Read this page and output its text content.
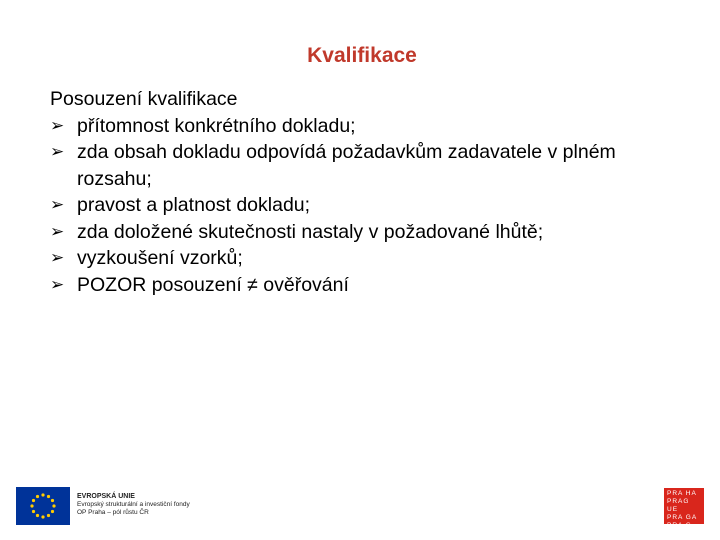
Kvalifikace

Posouzení kvalifikace

➢ přítomnost konkrétního dokladu;
➢ zda obsah dokladu odpovídá požadavkům zadavatele v plném rozsahu;
➢ pravost a platnost dokladu;
➢ zda doložené skutečnosti nastaly v požadované lhůtě;
➢ vyzkoušení vzorků;
➢ POZOR posouzení ≠ ověřování
EVROPSKÁ UNIE
Evropský strukturální a investiční fondy
OP Praha – pól růstu ČR
PRA HA
PRAG UE
PRA GA
PRA G
